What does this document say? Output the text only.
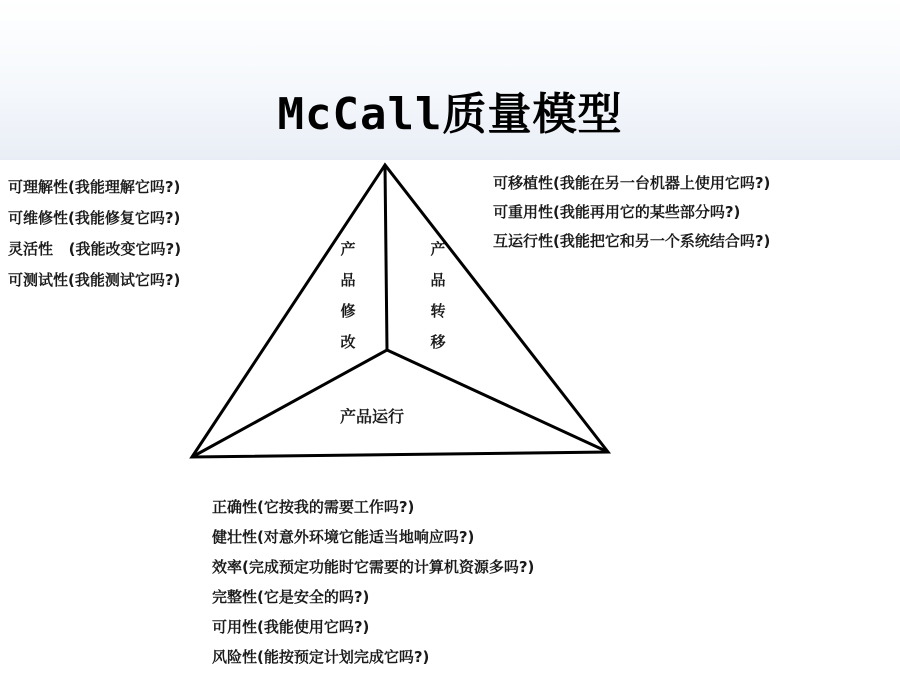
McCall质量模型
可理解性(我能理解它吗?)
可维修性(我能修复它吗?)
灵活性   (我能改变它吗?)
可测试性(我能测试它吗?)
可移植性(我能在另一台机器上使用它吗?)
可重用性(我能再用它的某些部分吗?)
互运行性(我能把它和另一个系统结合吗?)
正确性(它按我的需要工作吗?)
健壮性(对意外环境它能适当地响应吗?)
效率(完成预定功能时它需要的计算机资源多吗?)
完整性(它是安全的吗?)
可用性(我能使用它吗?)
风险性(能按预定计划完成它吗?)
产品修改
产品转移
产品运行
